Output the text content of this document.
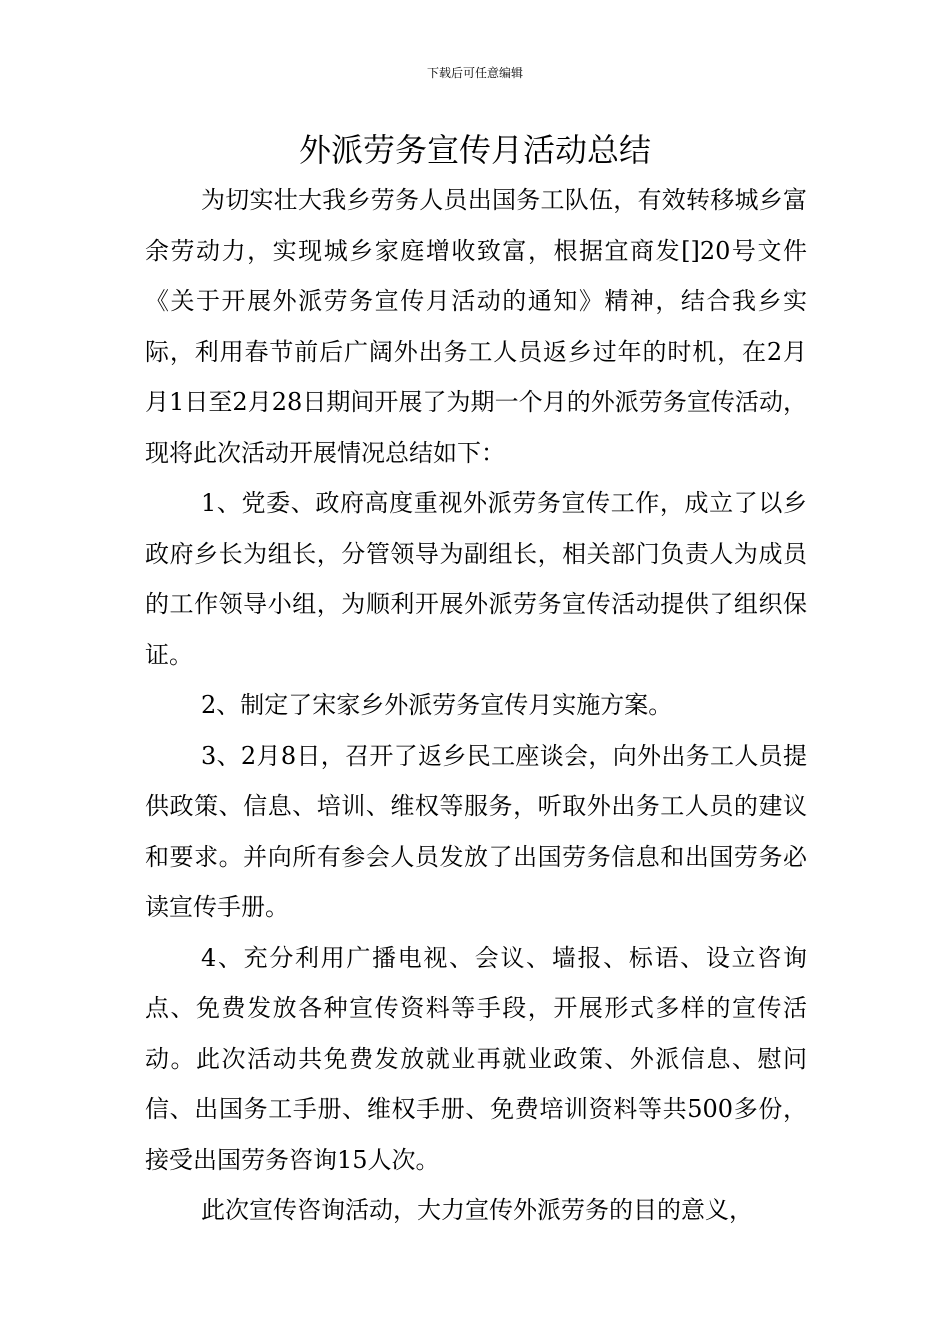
下载后可任意编辑
外派劳务宣传月活动总结

为切实壮大我乡劳务人员出国务工队伍，有效转移城乡富余劳动力，实现城乡家庭增收致富，根据宜商发[]20号文件《关于开展外派劳务宣传月活动的通知》精神，结合我乡实际，利用春节前后广阔外出务工人员返乡过年的时机，在2月月1日至2月28日期间开展了为期一个月的外派劳务宣传活动，现将此次活动开展情况总结如下：

1、党委、政府高度重视外派劳务宣传工作，成立了以乡政府乡长为组长，分管领导为副组长，相关部门负责人为成员的工作领导小组，为顺利开展外派劳务宣传活动提供了组织保证。

2、制定了宋家乡外派劳务宣传月实施方案。

3、2月8日，召开了返乡民工座谈会，向外出务工人员提供政策、信息、培训、维权等服务，听取外出务工人员的建议和要求。并向所有参会人员发放了出国劳务信息和出国劳务必读宣传手册。

4、充分利用广播电视、会议、墙报、标语、设立咨询点、免费发放各种宣传资料等手段，开展形式多样的宣传活动。此次活动共免费发放就业再就业政策、外派信息、慰问信、出国务工手册、维权手册、免费培训资料等共500多份，接受出国劳务咨询15人次。

此次宣传咨询活动，大力宣传外派劳务的目的意义，
